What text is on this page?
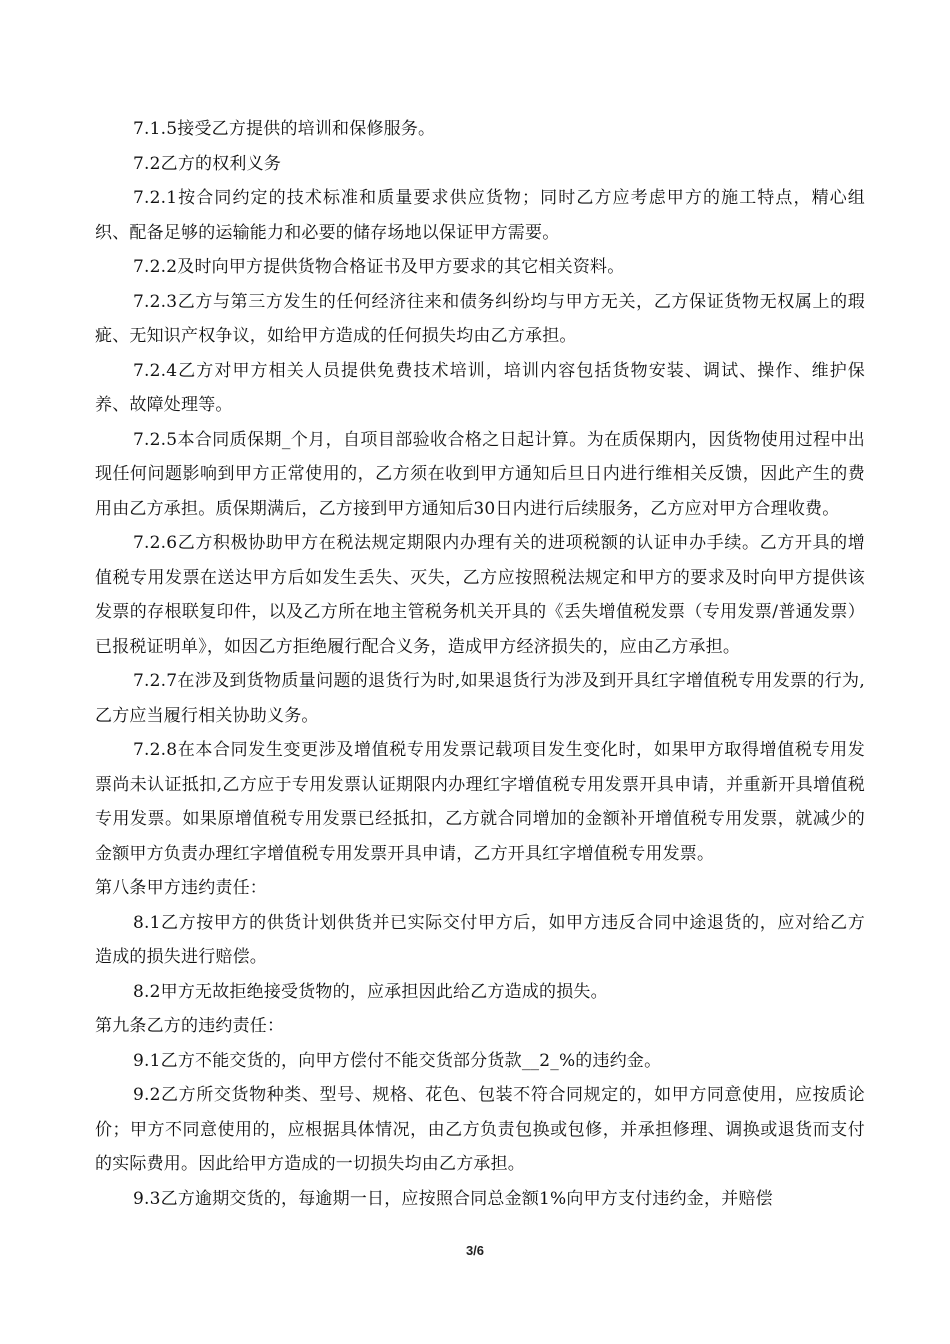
7.1.5接受乙方提供的培训和保修服务。

7.2乙方的权利义务

7.2.1按合同约定的技术标准和质量要求供应货物；同时乙方应考虑甲方的施工特点，精心组织、配备足够的运输能力和必要的储存场地以保证甲方需要。

7.2.2及时向甲方提供货物合格证书及甲方要求的其它相关资料。

7.2.3乙方与第三方发生的任何经济往来和债务纠纷均与甲方无关，乙方保证货物无权属上的瑕疵、无知识产权争议，如给甲方造成的任何损失均由乙方承担。

7.2.4乙方对甲方相关人员提供免费技术培训，培训内容包括货物安装、调试、操作、维护保养、故障处理等。

7.2.5本合同质保期_个月，自项目部验收合格之日起计算。为在质保期内，因货物使用过程中出现任何问题影响到甲方正常使用的，乙方须在收到甲方通知后旦日内进行维相关反馈，因此产生的费用由乙方承担。质保期满后，乙方接到甲方通知后30日内进行后续服务，乙方应对甲方合理收费。

7.2.6乙方积极协助甲方在税法规定期限内办理有关的进项税额的认证申办手续。乙方开具的增值税专用发票在送达甲方后如发生丢失、灭失，乙方应按照税法规定和甲方的要求及时向甲方提供该发票的存根联复印件，以及乙方所在地主管税务机关开具的《丢失增值税发票（专用发票/普通发票）已报税证明单》，如因乙方拒绝履行配合义务，造成甲方经济损失的，应由乙方承担。

7.2.7在涉及到货物质量问题的退货行为时,如果退货行为涉及到开具红字增值税专用发票的行为,乙方应当履行相关协助义务。

7.2.8在本合同发生变更涉及增值税专用发票记载项目发生变化时，如果甲方取得增值税专用发票尚未认证抵扣,乙方应于专用发票认证期限内办理红字增值税专用发票开具申请，并重新开具增值税专用发票。如果原增值税专用发票已经抵扣，乙方就合同增加的金额补开增值税专用发票，就减少的金额甲方负责办理红字增值税专用发票开具申请，乙方开具红字增值税专用发票。

第八条甲方违约责任：

8.1乙方按甲方的供货计划供货并已实际交付甲方后，如甲方违反合同中途退货的，应对给乙方造成的损失进行赔偿。

8.2甲方无故拒绝接受货物的，应承担因此给乙方造成的损失。

第九条乙方的违约责任：

9.1乙方不能交货的，向甲方偿付不能交货部分货款__2_%的违约金。

9.2乙方所交货物种类、型号、规格、花色、包装不符合同规定的，如甲方同意使用，应按质论价；甲方不同意使用的，应根据具体情况，由乙方负责包换或包修，并承担修理、调换或退货而支付的实际费用。因此给甲方造成的一切损失均由乙方承担。

9.3乙方逾期交货的，每逾期一日，应按照合同总金额1%向甲方支付违约金，并赔偿

3/6
